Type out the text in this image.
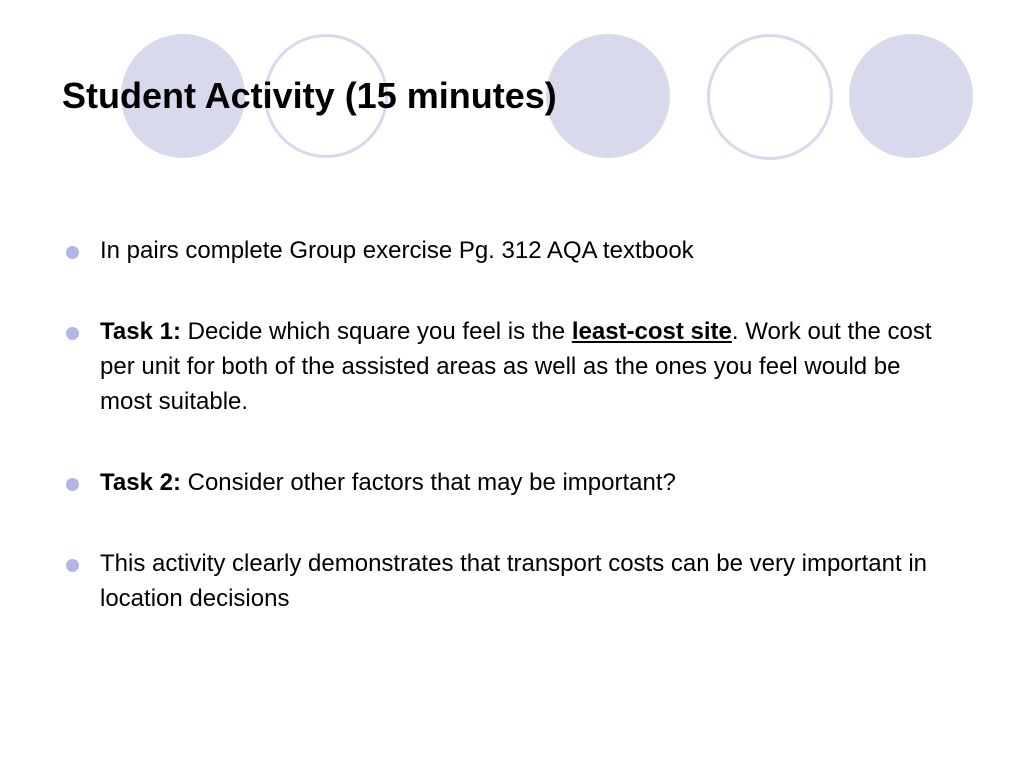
Student Activity (15 minutes)
In pairs complete Group exercise Pg. 312 AQA textbook
Task 1: Decide which square you feel is the least-cost site. Work out the cost per unit for both of the assisted areas as well as the ones you feel would be most suitable.
Task 2: Consider other factors that may be important?
This activity clearly demonstrates that transport costs can be very important in location decisions
